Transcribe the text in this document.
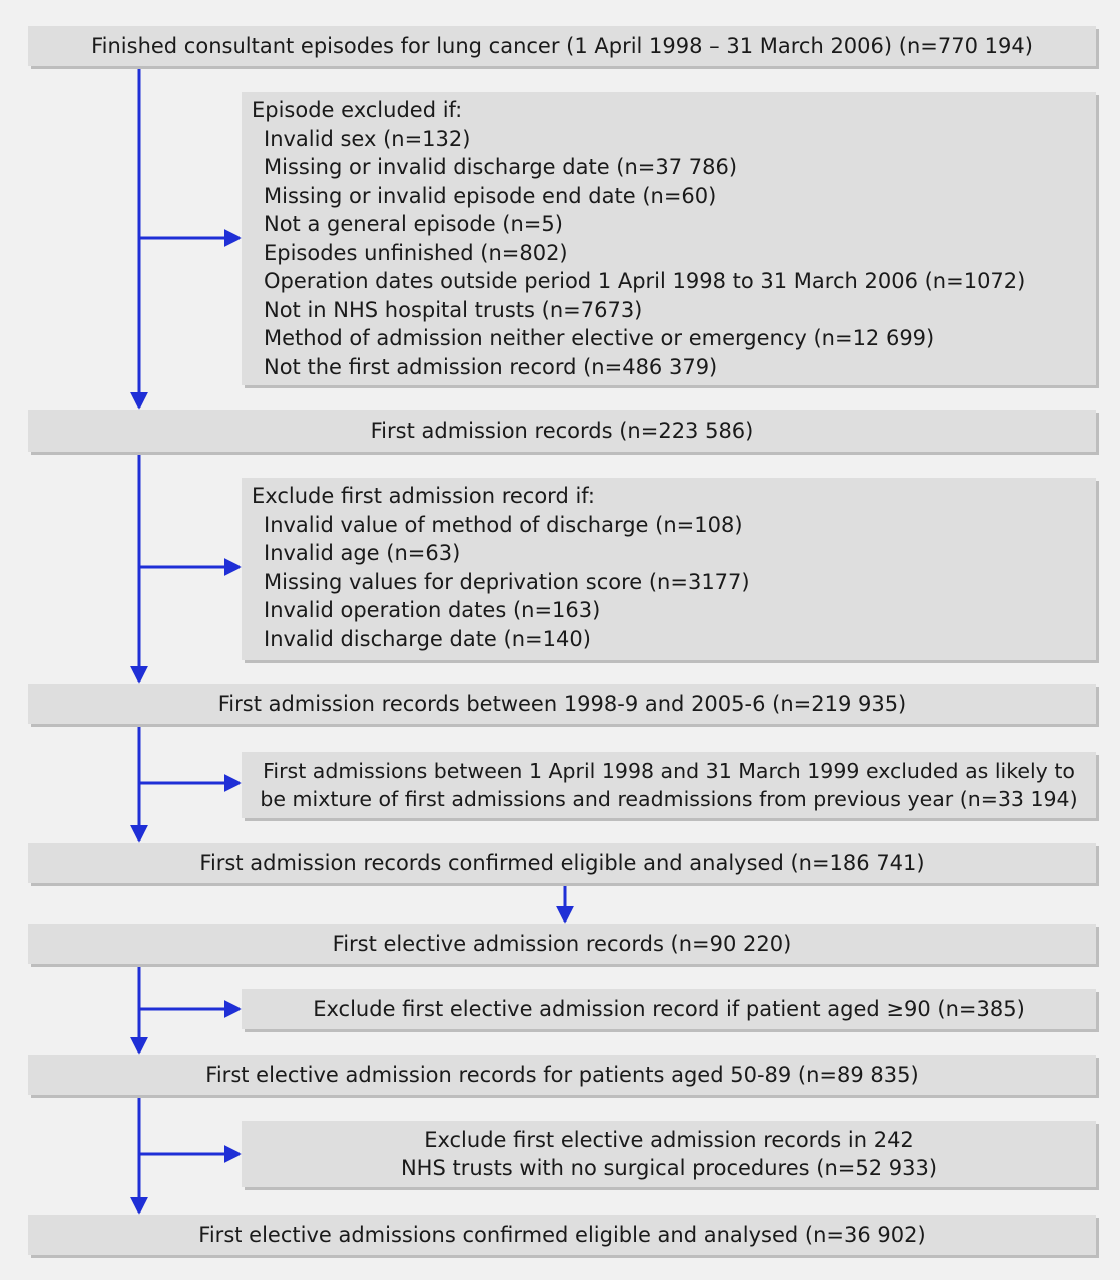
Finished consultant episodes for lung cancer (1 April 1998 – 31 March 2006) (n=770 194)
Episode excluded if:
Invalid sex (n=132)
Missing or invalid discharge date (n=37 786)
Missing or invalid episode end date (n=60)
Not a general episode (n=5)
Episodes unfinished (n=802)
Operation dates outside period 1 April 1998 to 31 March 2006 (n=1072)
Not in NHS hospital trusts (n=7673)
Method of admission neither elective or emergency (n=12 699)
Not the first admission record (n=486 379)
First admission records (n=223 586)
Exclude first admission record if:
Invalid value of method of discharge (n=108)
Invalid age (n=63)
Missing values for deprivation score (n=3177)
Invalid operation dates (n=163)
Invalid discharge date (n=140)
First admission records between 1998-9 and 2005-6 (n=219 935)
First admissions between 1 April 1998 and 31 March 1999 excluded as likely to
be mixture of first admissions and readmissions from previous year (n=33 194)
First admission records confirmed eligible and analysed (n=186 741)
First elective admission records (n=90 220)
Exclude first elective admission record if patient aged ≥90 (n=385)
First elective admission records for patients aged 50-89 (n=89 835)
Exclude first elective admission records in 242
NHS trusts with no surgical procedures (n=52 933)
First elective admissions confirmed eligible and analysed (n=36 902)
